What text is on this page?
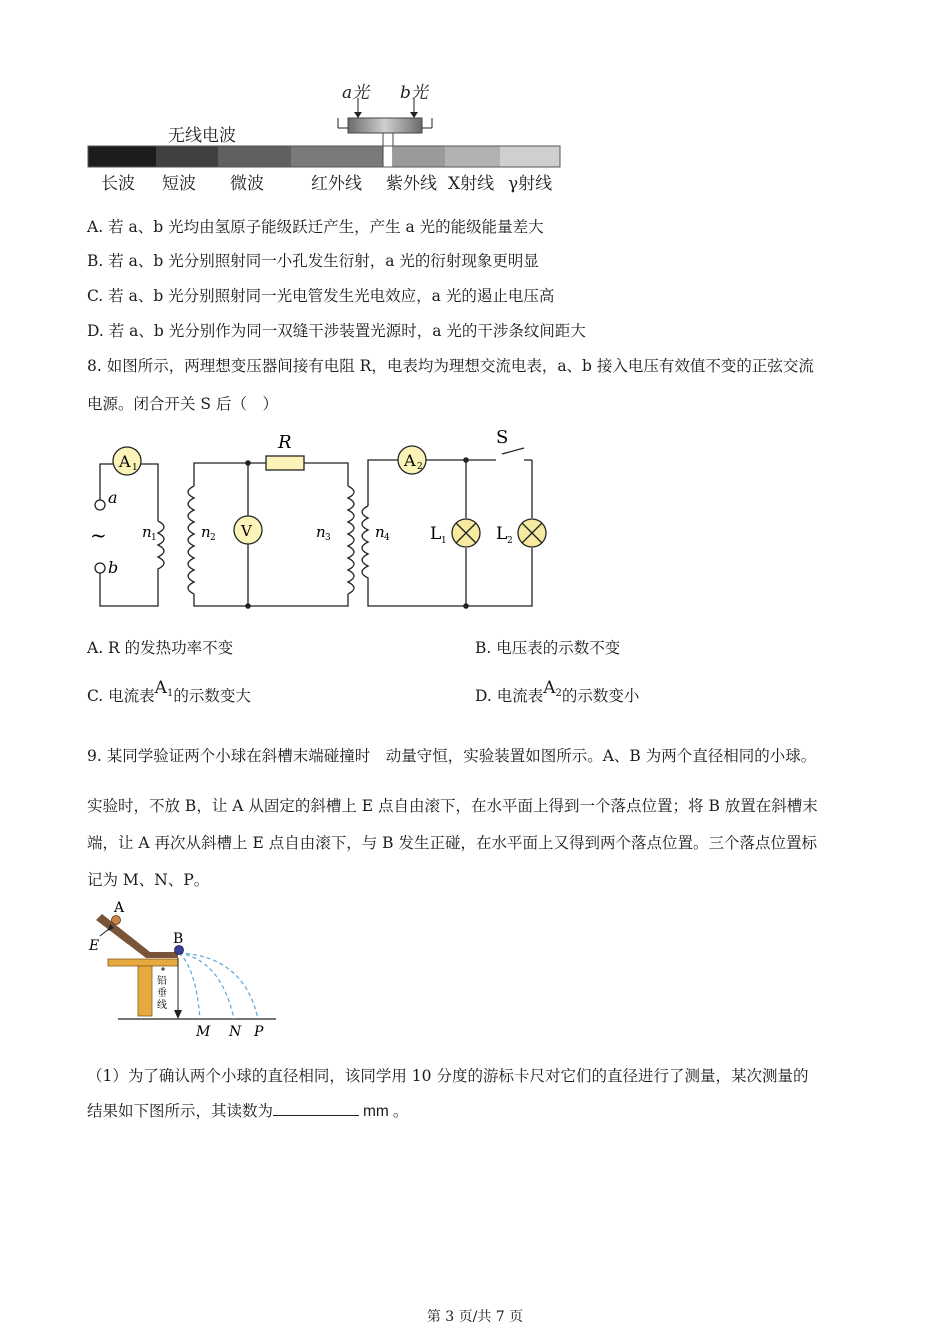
a光 b光
可见光
无线电波
长波 短波 微波	红外线 紫外线 X射线 γ射线
A. 若 a、b 光均由氢原子能级跃迁产生，产生 a 光的能级能量差大
B. 若 a、b 光分别照射同一小孔发生衍射，a 光的衍射现象更明显
C. 若 a、b 光分别照射同一光电管发生光电效应，a 光的遏止电压高
D. 若 a、b 光分别作为同一双缝干涉装置光源时，a 光的干涉条纹间距大
8. 如图所示，两理想变压器间接有电阻 R，电表均为理想交流电表，a、b 接入电压有效值不变的正弦交流
电源。闭合开关 S 后（　）
A 1
V
A 2
R	S
a
b
~ n 1	n 2	n 3	n 4 L 1	L 2
A. R 的发热功率不变	B. 电压表的示数不变
C. 电流表$A^1$的示数变大	D. 电流表$A^2$的示数变小
9. 某同学验证两个小球在斜槽末端碰撞时　动量守恒，实验装置如图所示。A、B 为两个直径相同的小球。
实验时，不放 B，让 A 从固定的斜槽上 E 点自由滚下，在水平面上得到一个落点位置；将 B 放置在斜槽末
端，让 A 再次从斜槽上 E 点自由滚下，与 B 发生正碰，在水平面上又得到两个落点位置。三个落点位置标
记为 M、N、P。
A
B
E
铅
垂
线
M N P
（1）为了确认两个小球的直径相同，该同学用 10 分度的游标卡尺对它们的直径进行了测量，某次测量的
结果如下图所示，其读数为	mm 。
第 3 页/共 7 页
